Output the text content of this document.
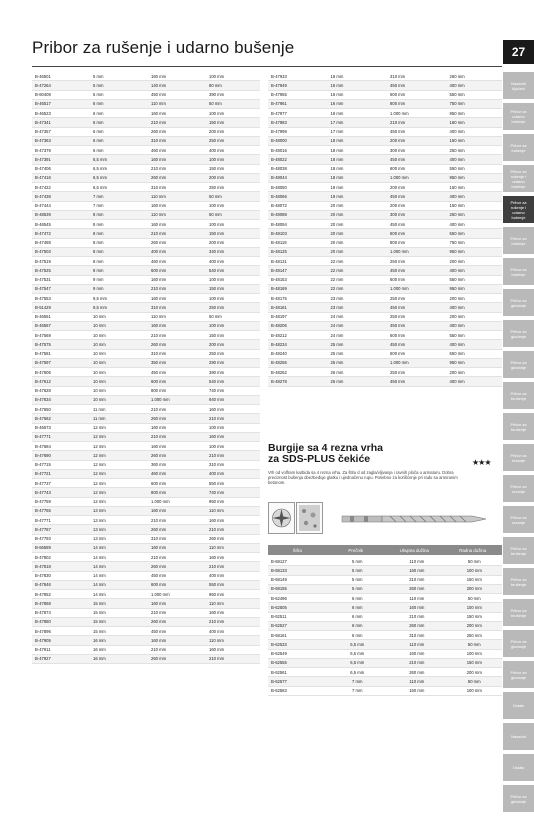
Pribor za rušenje i udarno bušenje	27
Nasadni ključevi
Pribor za udarno bušenje
Pribor za bušenje
Pribor za rušenje i udarno bušenje
Pribor za rušenje i udarno bušenje
Pribor za bušenje
Pribor za bušenje
Pribor za glodanje
Pribor za glodanje
Pribor za glodanje
Pribor za brušenje
Pribor za brušenje
Pribor za rezanje
Pribor za rezanje
Pribor za rezanje
Pribor za brušenje
Pribor za brušenje
Pribor za brušenje
Pribor za glodanje
Pribor za glodanje
Ostalo
Nasadni
Ostalo
Pribor za glodanje
B-46501	5 mm	160 mm	100 mm
B-47264	5 mm	140 mm	80 mm
B-60408	5 mm	450 mm	390 mm
B-46517	6 mm	110 mm	50 mm
B-46523	6 mm	160 mm	100 mm
B-47341	6 mm	210 mm	150 mm
B-47357	6 mm	260 mm	200 mm
B-47363	6 mm	310 mm	250 mm
B-47379	6 mm	460 mm	400 mm
B-47391	6,5 mm	160 mm	100 mm
B-47406	6,5 mm	210 mm	150 mm
B-47416	6,5 mm	260 mm	200 mm
B-47422	6,5 mm	310 mm	250 mm
B-47438	7 mm	110 mm	50 mm
B-47444	7 mm	160 mm	100 mm
B-48539	8 mm	110 mm	50 mm
B-46545	8 mm	160 mm	100 mm
B-47472	8 mm	210 mm	150 mm
B-47488	8 mm	260 mm	200 mm
B-47503	8 mm	400 mm	340 mm
B-47519	8 mm	460 mm	400 mm
B-47525	8 mm	600 mm	540 mm
B-47531	9 mm	160 mm	100 mm
B-47547	9 mm	210 mm	150 mm
B-47553	9,5 mm	160 mm	100 mm
B-51429	9,5 mm	310 mm	250 mm
B-46551	10 mm	110 mm	50 mm
B-46567	10 mm	160 mm	100 mm
B-47569	10 mm	210 mm	150 mm
B-47575	10 mm	260 mm	200 mm
B-47581	10 mm	310 mm	250 mm
B-47597	10 mm	350 mm	290 mm
B-47606	10 mm	450 mm	390 mm
B-47612	10 mm	600 mm	540 mm
B-47628	10 mm	800 mm	740 mm
B-47634	10 mm	1.000 mm	940 mm
B-47650	11 mm	210 mm	160 mm
B-47662	11 mm	260 mm	210 mm
B-46573	12 mm	160 mm	100 mm
B-47771	12 mm	210 mm	160 mm
B-47684	12 mm	160 mm	100 mm
B-47690	12 mm	260 mm	210 mm
B-47715	12 mm	360 mm	310 mm
B-47721	12 mm	460 mm	400 mm
B-47737	12 mm	600 mm	550 mm
B-47743	12 mm	800 mm	740 mm
B-47759	12 mm	1.000 mm	950 mm
B-47765	13 mm	160 mm	110 mm
B-47771	13 mm	210 mm	160 mm
B-47787	13 mm	260 mm	210 mm
B-47793	13 mm	310 mm	260 mm
B-66589	14 mm	160 mm	110 mm
B-47802	14 mm	210 mm	160 mm
B-47818	14 mm	260 mm	210 mm
B-47830	14 mm	450 mm	400 mm
B-47846	14 mm	600 mm	550 mm
B-47852	14 mm	1.000 mm	950 mm
B-47868	15 mm	160 mm	110 mm
B-47874	15 mm	210 mm	160 mm
B-47880	15 mm	260 mm	210 mm
B-47896	15 mm	450 mm	400 mm
B-47905	16 mm	160 mm	110 mm
B-47911	16 mm	210 mm	160 mm
B-47927	16 mm	260 mm	210 mm
B-47933	16 mm	310 mm	260 mm
B-47949	16 mm	450 mm	400 mm
B-47955	16 mm	600 mm	550 mm
B-47961	16 mm	800 mm	750 mm
B-47977	16 mm	1.000 mm	950 mm
B-47983	17 mm	210 mm	160 mm
B-47999	17 mm	450 mm	400 mm
B-48000	18 mm	200 mm	150 mm
B-48016	18 mm	300 mm	250 mm
B-48022	18 mm	450 mm	400 mm
B-48038	18 mm	600 mm	550 mm
B-48044	18 mm	1.000 mm	950 mm
B-48050	19 mm	200 mm	150 mm
B-48066	19 mm	450 mm	400 mm
B-48072	20 mm	200 mm	150 mm
B-48088	20 mm	300 mm	250 mm
B-48094	20 mm	450 mm	400 mm
B-48103	20 mm	600 mm	550 mm
B-48119	20 mm	800 mm	750 mm
B-48125	20 mm	1.000 mm	950 mm
B-48131	22 mm	250 mm	200 mm
B-48147	22 mm	450 mm	400 mm
B-48153	22 mm	600 mm	550 mm
B-48169	22 mm	1.000 mm	950 mm
B-48175	23 mm	250 mm	200 mm
B-48181	23 mm	450 mm	400 mm
B-48197	24 mm	250 mm	200 mm
B-48206	24 mm	450 mm	400 mm
B-48212	24 mm	600 mm	550 mm
B-48234	25 mm	450 mm	400 mm
B-48240	25 mm	600 mm	550 mm
B-48256	25 mm	1.000 mm	950 mm
B-48262	26 mm	250 mm	200 mm
B-48278	26 mm	450 mm	400 mm
Burgije sa 4 rezna vrha
za SDS-PLUS čekiće	★★★
Vrh od volfram karbida sa 4 rezna vrha. Za štitu d od zagla/vljivanja i ravnih ploča u armaturu. Dobra preciznost bušenja obezbeđuje glatku i ujednačenu rupu. Posebno za korišćenje pri radu sa armiranim betonom.
Šifra	Prečnik	Ukupna dužina	Radna dužina
B-68127	5 mm	110 mm	50 mm
B-68133	5 mm	160 mm	100 mm
B-68149	5 mm	210 mm	150 mm
B-68155	5 mm	260 mm	200 mm
B-62496	6 mm	110 mm	50 mm
B-62505	6 mm	160 mm	100 mm
B-62511	6 mm	210 mm	150 mm
B-62527	6 mm	260 mm	200 mm
B-68161	6 mm	310 mm	250 mm
B-62533	6,5 mm	110 mm	50 mm
B-62549	6,5 mm	160 mm	100 mm
B-62555	6,5 mm	210 mm	150 mm
B-62561	6,5 mm	260 mm	200 mm
B-62577	7 mm	110 mm	50 mm
B-62583	7 mm	160 mm	100 mm
